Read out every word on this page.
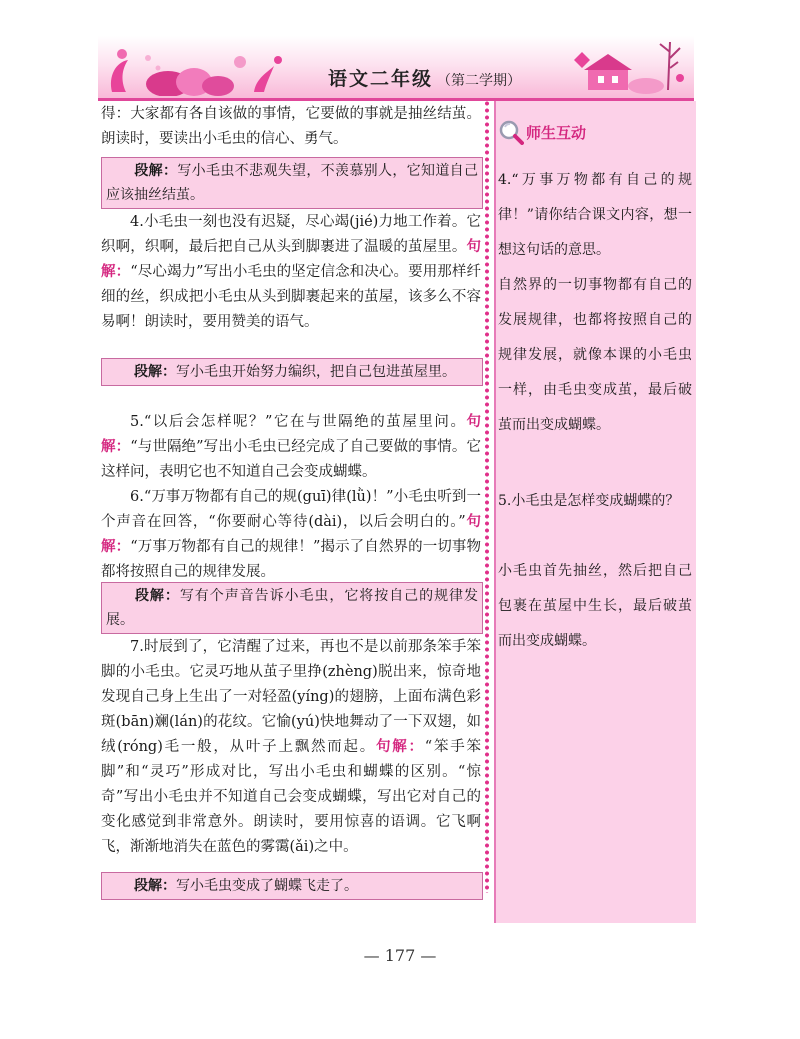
语文二年级 （第二学期）

得：大家都有各自该做的事情，它要做的事就是抽丝结茧。朗读时，要读出小毛虫的信心、勇气。

段解：写小毛虫不悲观失望，不羡慕别人，它知道自己应该抽丝结茧。

4.小毛虫一刻也没有迟疑，尽心竭(jié)力地工作着。它织啊，织啊，最后把自己从头到脚裹进了温暖的茧屋里。句解：“尽心竭力”写出小毛虫的坚定信念和决心。要用那样纤细的丝，织成把小毛虫从头到脚裹起来的茧屋，该多么不容易啊！朗读时，要用赞美的语气。

段解：写小毛虫开始努力编织，把自己包进茧屋里。

5.“以后会怎样呢？”它在与世隔绝的茧屋里问。句解：“与世隔绝”写出小毛虫已经完成了自己要做的事情。它这样问，表明它也不知道自己会变成蝴蝶。

6.“万事万物都有自己的规(guī)律(lǜ)！”小毛虫听到一个声音在回答，“你要耐心等待(dài)，以后会明白的。”句解：“万事万物都有自己的规律！”揭示了自然界的一切事物都将按照自己的规律发展。

段解：写有个声音告诉小毛虫，它将按自己的规律发展。

7.时辰到了，它清醒了过来，再也不是以前那条笨手笨脚的小毛虫。它灵巧地从茧子里挣(zhèng)脱出来，惊奇地发现自己身上生出了一对轻盈(yíng)的翅膀，上面布满色彩斑(bān)斓(lán)的花纹。它愉(yú)快地舞动了一下双翅，如绒(róng)毛一般，从叶子上飘然而起。句解：“笨手笨脚”和“灵巧”形成对比，写出小毛虫和蝴蝶的区别。“惊奇”写出小毛虫并不知道自己会变成蝴蝶，写出它对自己的变化感觉到非常意外。朗读时，要用惊喜的语调。它飞啊飞，渐渐地消失在蓝色的雾霭(ǎi)之中。

段解：写小毛虫变成了蝴蝶飞走了。
师生互动

4.“万事万物都有自己的规律！”请你结合课文内容，想一想这句话的意思。

自然界的一切事物都有自己的发展规律，也都将按照自己的规律发展，就像本课的小毛虫一样，由毛虫变成茧，最后破茧而出变成蝴蝶。

5.小毛虫是怎样变成蝴蝶的？

小毛虫首先抽丝，然后把自己包裹在茧屋中生长，最后破茧而出变成蝴蝶。

— 177 —
